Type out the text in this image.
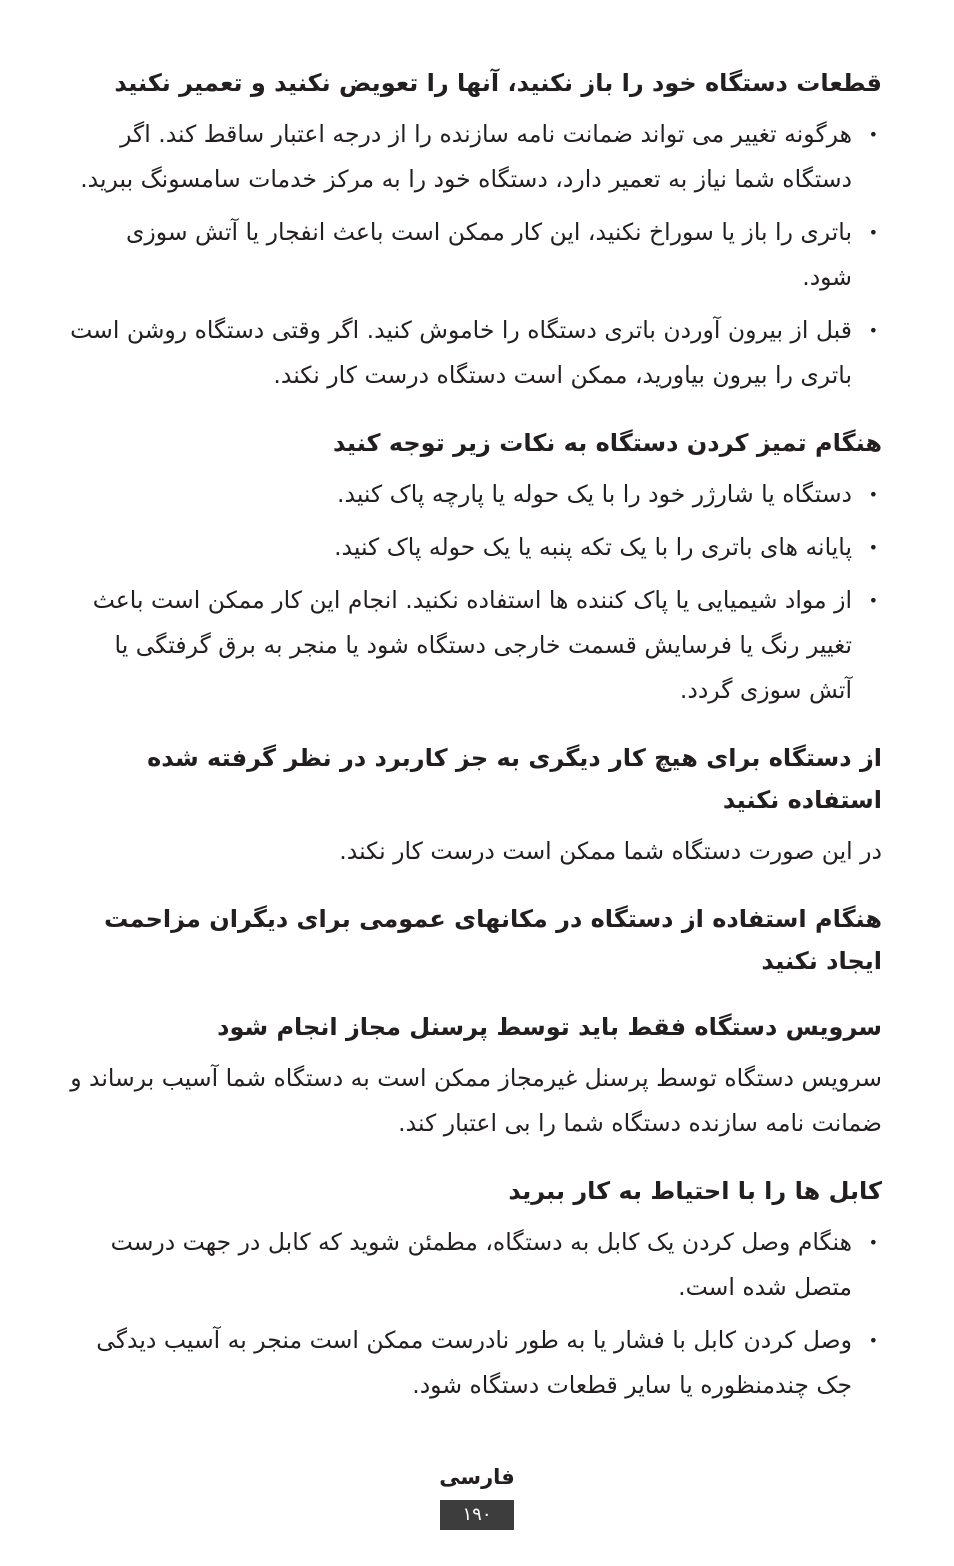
قطعات دستگاه خود را باز نکنید، آنها را تعویض نکنید و تعمیر نکنید
•
هرگونه تغییر می تواند ضمانت نامه سازنده را از درجه اعتبار ساقط کند. اگر دستگاه شما نیاز به تعمیر دارد، دستگاه خود را به مرکز خدمات سامسونگ ببرید.
•
باتری را باز یا سوراخ نکنید، این کار ممکن است باعث انفجار یا آتش سوزی شود.
•
قبل از بیرون آوردن باتری دستگاه را خاموش کنید. اگر وقتی دستگاه روشن است باتری را بیرون بیاورید، ممکن است دستگاه درست کار نکند.
هنگام تمیز کردن دستگاه به نکات زیر توجه کنید
•
دستگاه یا شارژر خود را با یک حوله یا پارچه پاک کنید.
•
پایانه های باتری را با یک تکه پنبه یا یک حوله پاک کنید.
•
از مواد شیمیایی یا پاک کننده ها استفاده نکنید. انجام این کار ممکن است باعث تغییر رنگ یا فرسایش قسمت خارجی دستگاه شود یا منجر به برق گرفتگی یا آتش سوزی گردد.
از دستگاه برای هیچ کار دیگری به جز کاربرد در نظر گرفته شده استفاده نکنید

در این صورت دستگاه شما ممکن است درست کار نکند.

هنگام استفاده از دستگاه در مکانهای عمومی برای دیگران مزاحمت ایجاد نکنید
سرویس دستگاه فقط باید توسط پرسنل مجاز انجام شود

سرویس دستگاه توسط پرسنل غیرمجاز ممکن است به دستگاه شما آسیب برساند و ضمانت نامه سازنده دستگاه شما را بی اعتبار کند.

کابل ها را با احتیاط به کار ببرید
•
هنگام وصل کردن یک کابل به دستگاه، مطمئن شوید که کابل در جهت درست متصل شده است.
•
وصل کردن کابل با فشار یا به طور نادرست ممکن است منجر به آسیب دیدگی جک چندمنظوره یا سایر قطعات دستگاه شود.
فارسی
۱۹۰
